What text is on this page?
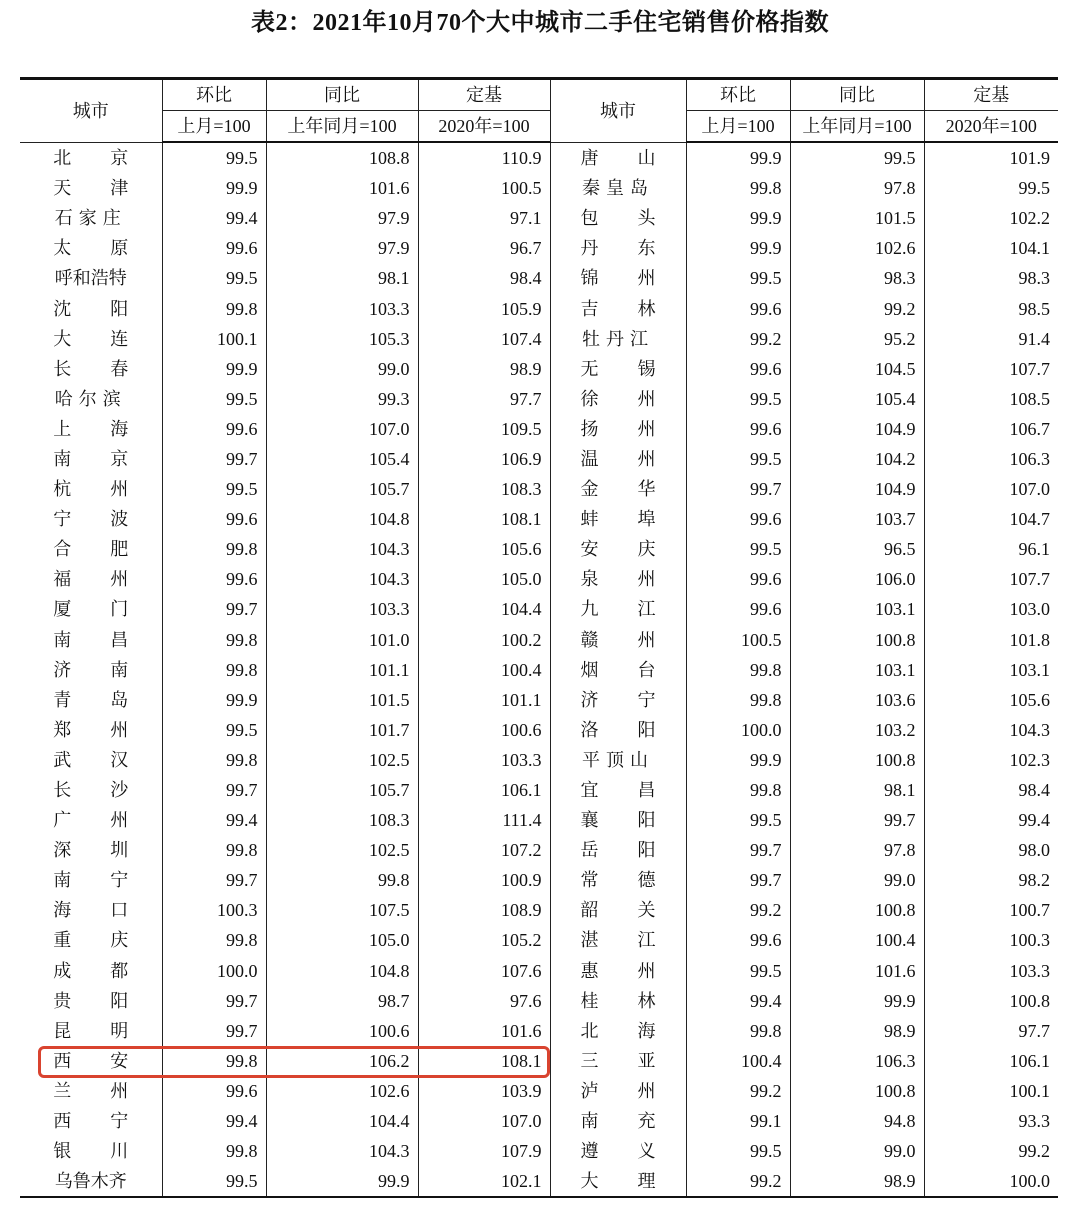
表2：2021年10月70个大中城市二手住宅销售价格指数
城市	环比	同比	定基	城市	环比	同比	定基
	上月=100	上年同月=100	2020年=100		上月=100	上年同月=100	2020年=100
北京	99.5	108.8	110.9	唐山	99.9	99.5	101.9
天津	99.9	101.6	100.5	秦皇岛	99.8	97.8	99.5
石家庄	99.4	97.9	97.1	包头	99.9	101.5	102.2
太原	99.6	97.9	96.7	丹东	99.9	102.6	104.1
呼和浩特	99.5	98.1	98.4	锦州	99.5	98.3	98.3
沈阳	99.8	103.3	105.9	吉林	99.6	99.2	98.5
大连	100.1	105.3	107.4	牡丹江	99.2	95.2	91.4
长春	99.9	99.0	98.9	无锡	99.6	104.5	107.7
哈尔滨	99.5	99.3	97.7	徐州	99.5	105.4	108.5
上海	99.6	107.0	109.5	扬州	99.6	104.9	106.7
南京	99.7	105.4	106.9	温州	99.5	104.2	106.3
杭州	99.5	105.7	108.3	金华	99.7	104.9	107.0
宁波	99.6	104.8	108.1	蚌埠	99.6	103.7	104.7
合肥	99.8	104.3	105.6	安庆	99.5	96.5	96.1
福州	99.6	104.3	105.0	泉州	99.6	106.0	107.7
厦门	99.7	103.3	104.4	九江	99.6	103.1	103.0
南昌	99.8	101.0	100.2	赣州	100.5	100.8	101.8
济南	99.8	101.1	100.4	烟台	99.8	103.1	103.1
青岛	99.9	101.5	101.1	济宁	99.8	103.6	105.6
郑州	99.5	101.7	100.6	洛阳	100.0	103.2	104.3
武汉	99.8	102.5	103.3	平顶山	99.9	100.8	102.3
长沙	99.7	105.7	106.1	宜昌	99.8	98.1	98.4
广州	99.4	108.3	111.4	襄阳	99.5	99.7	99.4
深圳	99.8	102.5	107.2	岳阳	99.7	97.8	98.0
南宁	99.7	99.8	100.9	常德	99.7	99.0	98.2
海口	100.3	107.5	108.9	韶关	99.2	100.8	100.7
重庆	99.8	105.0	105.2	湛江	99.6	100.4	100.3
成都	100.0	104.8	107.6	惠州	99.5	101.6	103.3
贵阳	99.7	98.7	97.6	桂林	99.4	99.9	100.8
昆明	99.7	100.6	101.6	北海	99.8	98.9	97.7
西安	99.8	106.2	108.1	三亚	100.4	106.3	106.1
兰州	99.6	102.6	103.9	泸州	99.2	100.8	100.1
西宁	99.4	104.4	107.0	南充	99.1	94.8	93.3
银川	99.8	104.3	107.9	遵义	99.5	99.0	99.2
乌鲁木齐	99.5	99.9	102.1	大理	99.2	98.9	100.0
